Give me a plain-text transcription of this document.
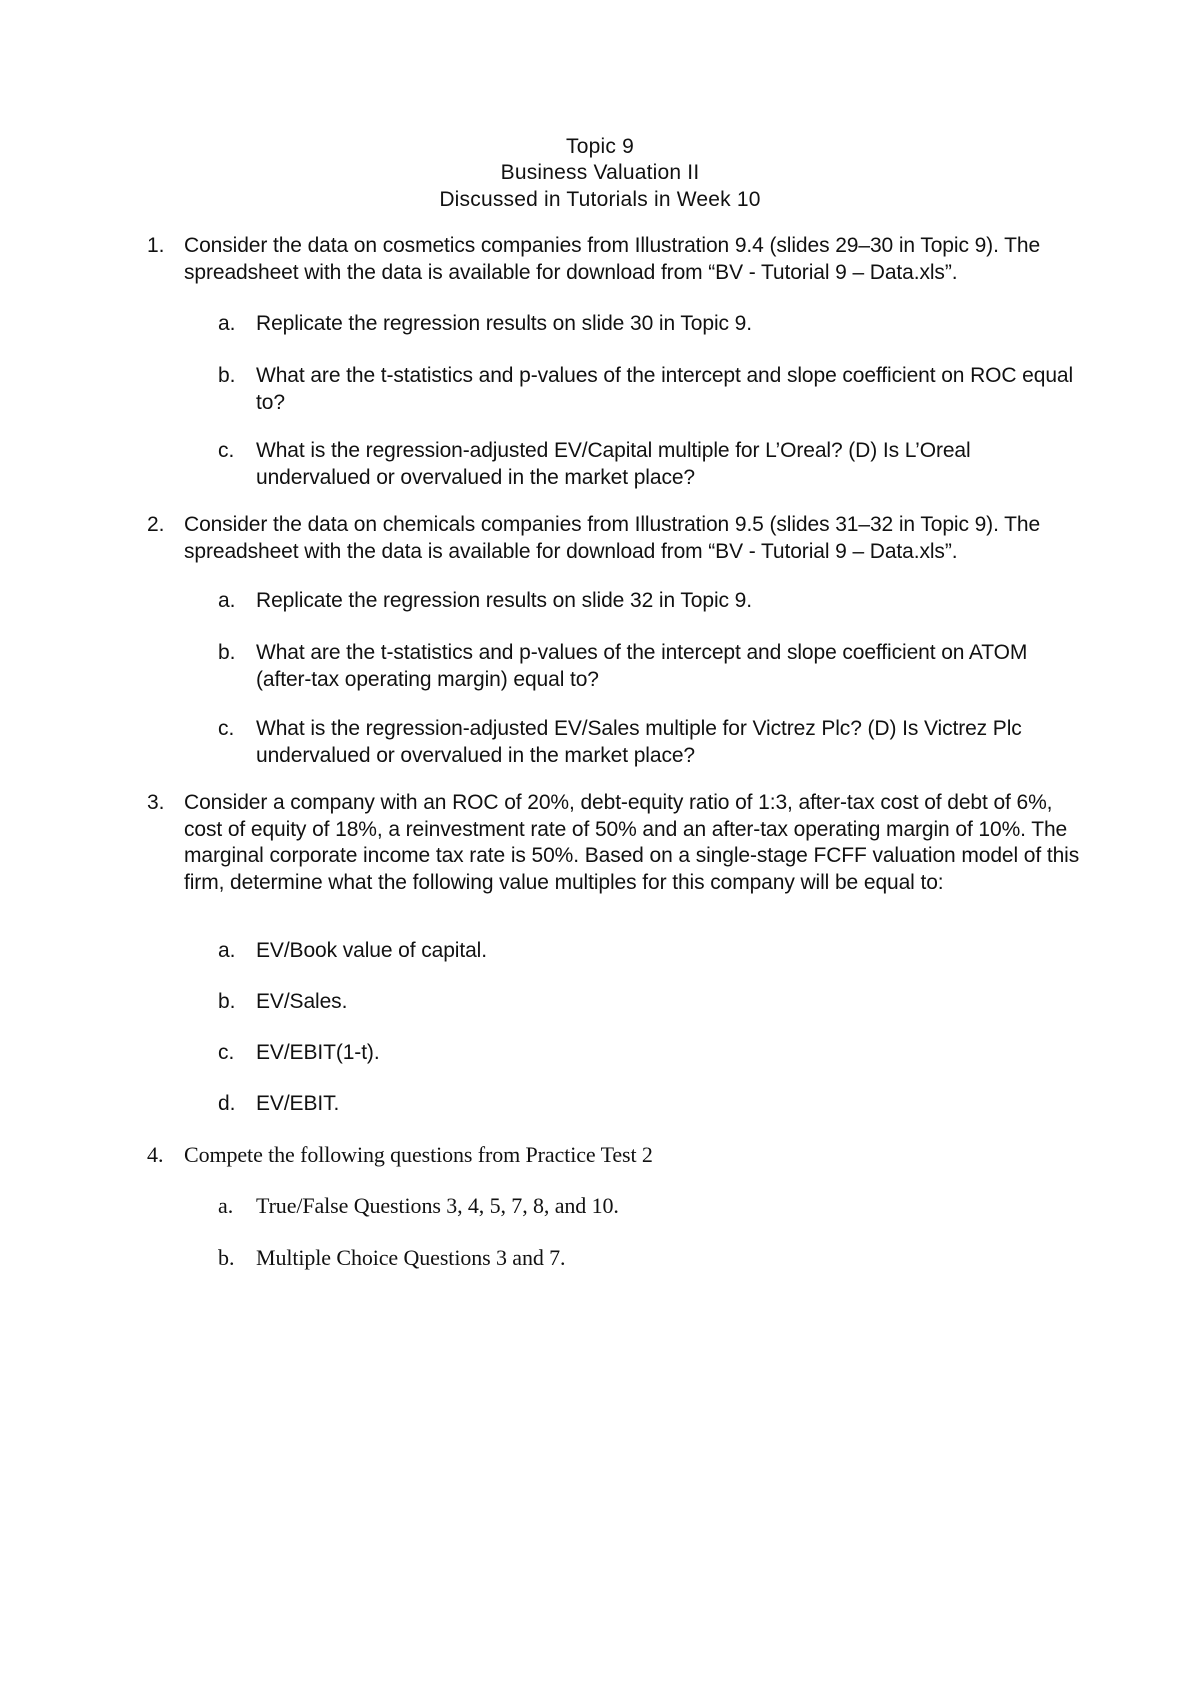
Topic 9
Business Valuation II
Discussed in Tutorials in Week 10
1. Consider the data on cosmetics companies from Illustration 9.4 (slides 29–30 in Topic 9). The spreadsheet with the data is available for download from “BV - Tutorial 9 – Data.xls”.
a. Replicate the regression results on slide 30 in Topic 9.
b. What are the t-statistics and p-values of the intercept and slope coefficient on ROC equal to?
c. What is the regression-adjusted EV/Capital multiple for L’Oreal? (D) Is L’Oreal undervalued or overvalued in the market place?
2. Consider the data on chemicals companies from Illustration 9.5 (slides 31–32 in Topic 9). The spreadsheet with the data is available for download from “BV - Tutorial 9 – Data.xls”.
a. Replicate the regression results on slide 32 in Topic 9.
b. What are the t-statistics and p-values of the intercept and slope coefficient on ATOM (after-tax operating margin) equal to?
c. What is the regression-adjusted EV/Sales multiple for Victrez Plc? (D) Is Victrez Plc undervalued or overvalued in the market place?
3. Consider a company with an ROC of 20%, debt-equity ratio of 1:3, after-tax cost of debt of 6%, cost of equity of 18%, a reinvestment rate of 50% and an after-tax operating margin of 10%. The marginal corporate income tax rate is 50%. Based on a single-stage FCFF valuation model of this firm, determine what the following value multiples for this company will be equal to:
a. EV/Book value of capital.
b. EV/Sales.
c. EV/EBIT(1-t).
d. EV/EBIT.
4. Compete the following questions from Practice Test 2
a. True/False Questions 3, 4, 5, 7, 8, and 10.
b. Multiple Choice Questions 3 and 7.
